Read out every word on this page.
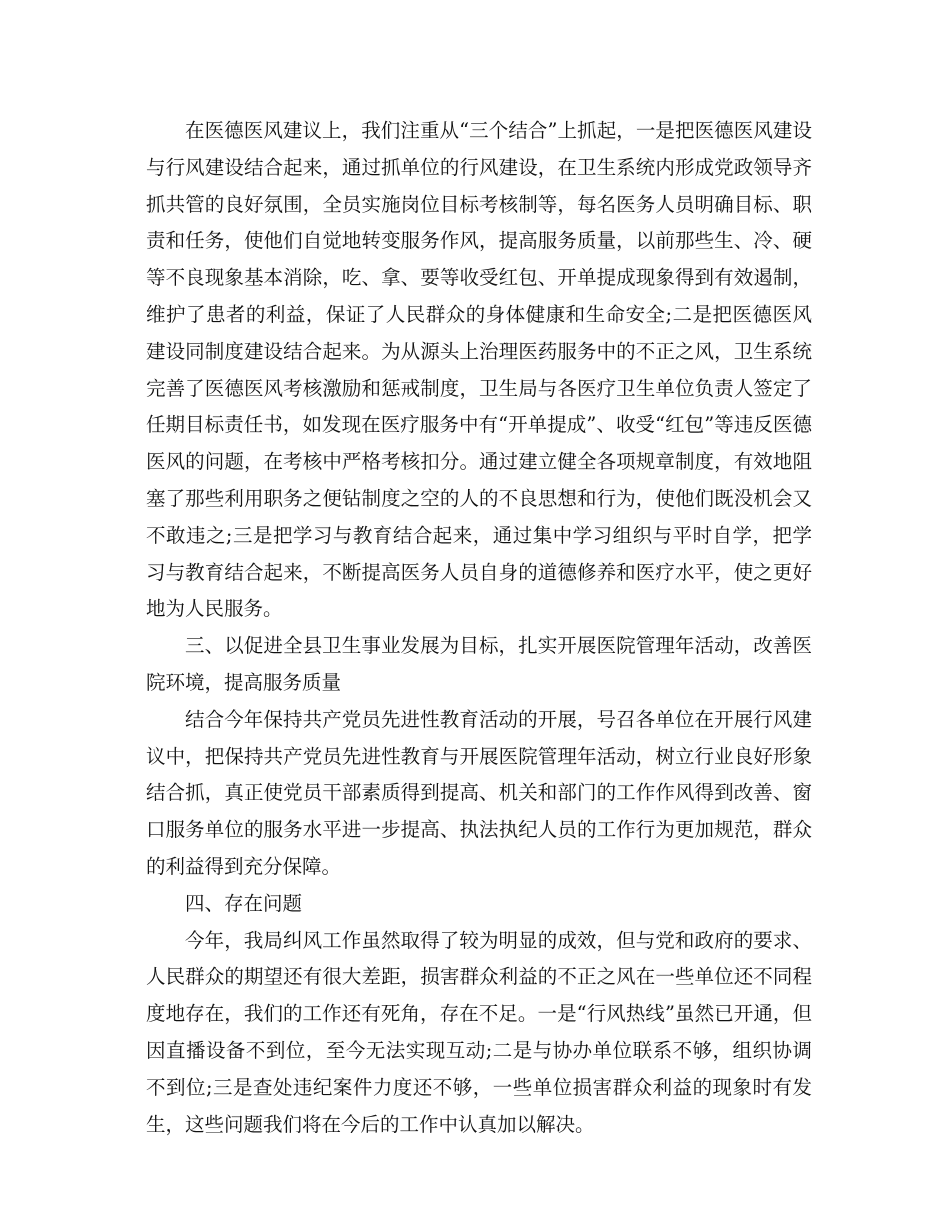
在医德医风建议上，我们注重从“三个结合”上抓起，一是把医德医风建设与行风建设结合起来，通过抓单位的行风建设，在卫生系统内形成党政领导齐抓共管的良好氛围，全员实施岗位目标考核制等，每名医务人员明确目标、职责和任务，使他们自觉地转变服务作风，提高服务质量，以前那些生、冷、硬等不良现象基本消除，吃、拿、要等收受红包、开单提成现象得到有效遏制，维护了患者的利益，保证了人民群众的身体健康和生命安全;二是把医德医风建设同制度建设结合起来。为从源头上治理医药服务中的不正之风，卫生系统完善了医德医风考核激励和惩戒制度，卫生局与各医疗卫生单位负责人签定了任期目标责任书，如发现在医疗服务中有“开单提成”、收受“红包”等违反医德医风的问题，在考核中严格考核扣分。通过建立健全各项规章制度，有效地阻塞了那些利用职务之便钻制度之空的人的不良思想和行为，使他们既没机会又不敢违之;三是把学习与教育结合起来，通过集中学习组织与平时自学，把学习与教育结合起来，不断提高医务人员自身的道德修养和医疗水平，使之更好地为人民服务。

三、以促进全县卫生事业发展为目标，扎实开展医院管理年活动，改善医院环境，提高服务质量

结合今年保持共产党员先进性教育活动的开展，号召各单位在开展行风建议中，把保持共产党员先进性教育与开展医院管理年活动，树立行业良好形象结合抓，真正使党员干部素质得到提高、机关和部门的工作作风得到改善、窗口服务单位的服务水平进一步提高、执法执纪人员的工作行为更加规范，群众的利益得到充分保障。

四、存在问题

今年，我局纠风工作虽然取得了较为明显的成效，但与党和政府的要求、人民群众的期望还有很大差距，损害群众利益的不正之风在一些单位还不同程度地存在，我们的工作还有死角，存在不足。一是“行风热线”虽然已开通，但因直播设备不到位，至今无法实现互动;二是与协办单位联系不够，组织协调不到位;三是查处违纪案件力度还不够，一些单位损害群众利益的现象时有发生，这些问题我们将在今后的工作中认真加以解决。
